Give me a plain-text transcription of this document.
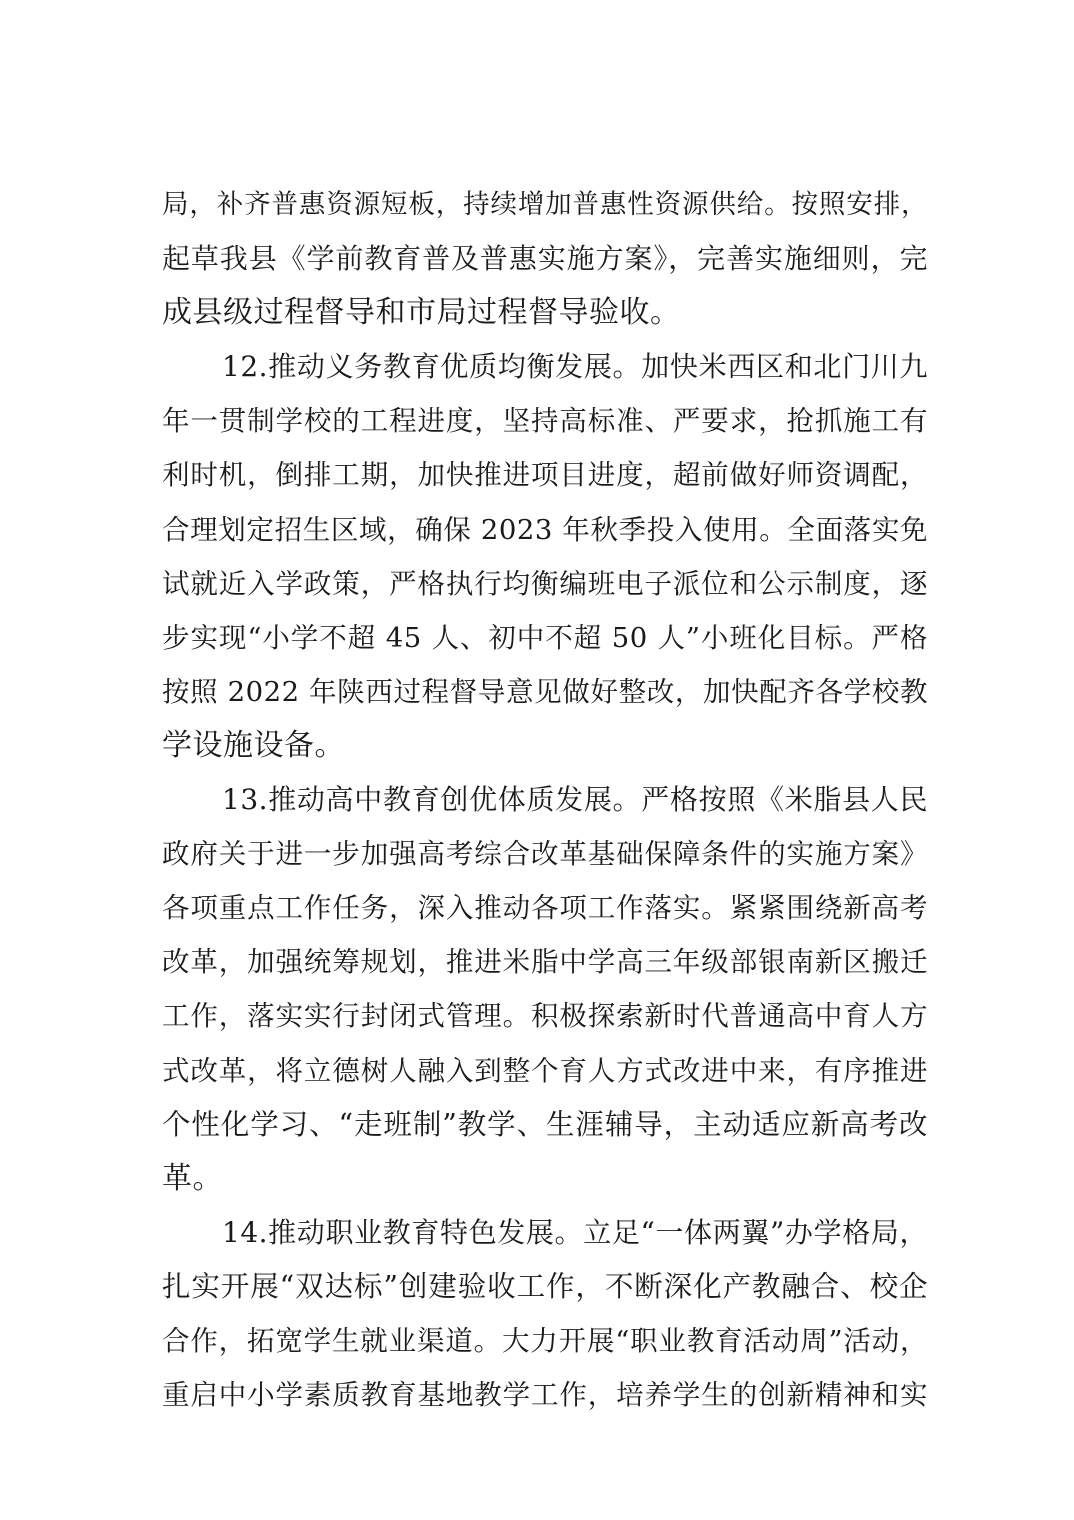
局，补齐普惠资源短板，持续增加普惠性资源供给。按照安排，
起草我县《学前教育普及普惠实施方案》，完善实施细则，完
成县级过程督导和市局过程督导验收。
12.推动义务教育优质均衡发展。加快米西区和北门川九
年一贯制学校的工程进度，坚持高标准、严要求，抢抓施工有
利时机，倒排工期，加快推进项目进度，超前做好师资调配，
合理划定招生区域，确保 2023 年秋季投入使用。全面落实免
试就近入学政策，严格执行均衡编班电子派位和公示制度，逐
步实现“小学不超 45 人、初中不超 50 人”小班化目标。严格
按照 2022 年陕西过程督导意见做好整改，加快配齐各学校教
学设施设备。
13.推动高中教育创优体质发展。严格按照《米脂县人民
政府关于进一步加强高考综合改革基础保障条件的实施方案》
各项重点工作任务，深入推动各项工作落实。紧紧围绕新高考
改革，加强统筹规划，推进米脂中学高三年级部银南新区搬迁
工作，落实实行封闭式管理。积极探索新时代普通高中育人方
式改革，将立德树人融入到整个育人方式改进中来，有序推进
个性化学习、“走班制”教学、生涯辅导，主动适应新高考改
革。
14.推动职业教育特色发展。立足“一体两翼”办学格局，
扎实开展“双达标”创建验收工作，不断深化产教融合、校企
合作，拓宽学生就业渠道。大力开展“职业教育活动周”活动，
重启中小学素质教育基地教学工作，培养学生的创新精神和实
